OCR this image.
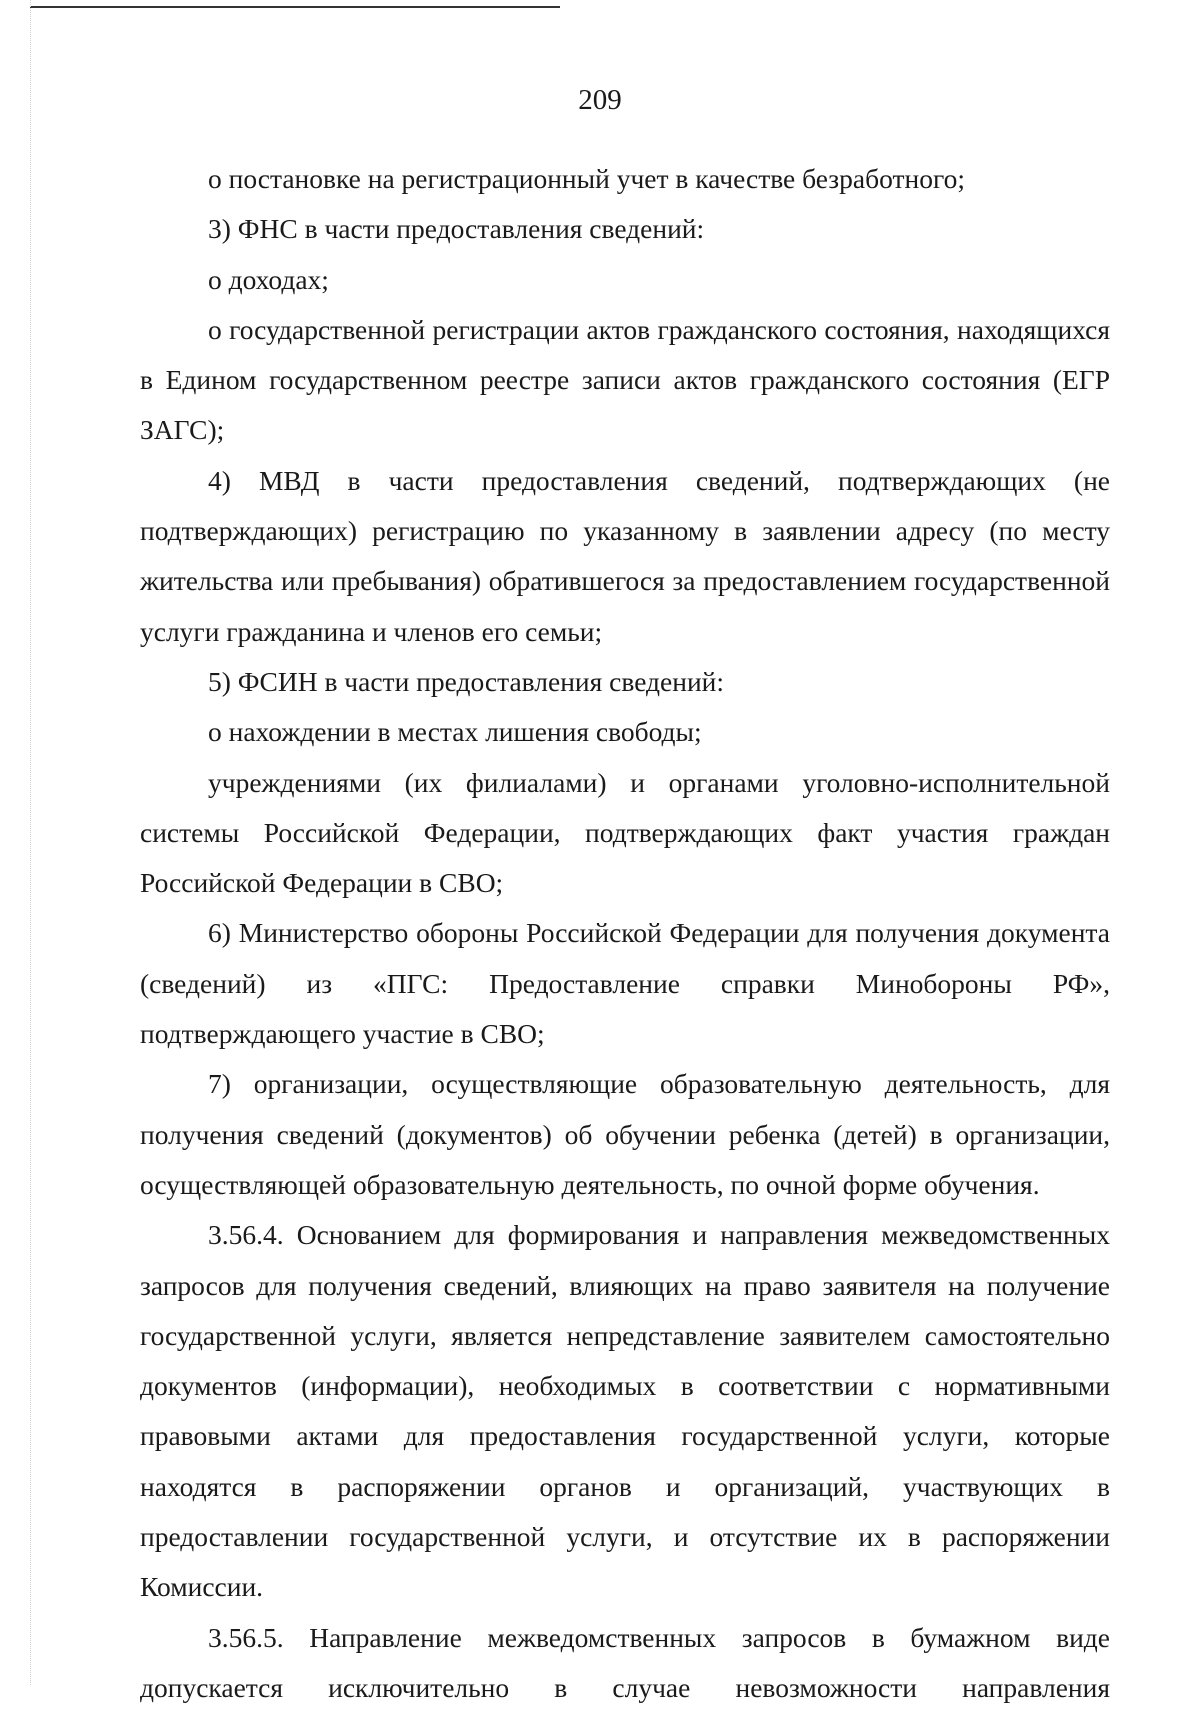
209

о постановке на регистрационный учет в качестве безработного;

3) ФНС в части предоставления сведений:

о доходах;

о государственной регистрации актов гражданского состояния, находящихся в Едином государственном реестре записи актов гражданского состояния (ЕГР ЗАГС);

4) МВД в части предоставления сведений, подтверждающих (не подтверждающих) регистрацию по указанному в заявлении адресу (по месту жительства или пребывания) обратившегося за предоставлением государственной услуги гражданина и членов его семьи;

5) ФСИН в части предоставления сведений:

о нахождении в местах лишения свободы;

учреждениями (их филиалами) и органами уголовно-исполнительной системы Российской Федерации, подтверждающих факт участия граждан Российской Федерации в СВО;

6) Министерство обороны Российской Федерации для получения документа (сведений) из «ПГС: Предоставление справки Минобороны РФ», подтверждающего участие в СВО;

7) организации, осуществляющие образовательную деятельность, для получения сведений (документов) об обучении ребенка (детей) в организации, осуществляющей образовательную деятельность, по очной форме обучения.

3.56.4. Основанием для формирования и направления межведомственных запросов для получения сведений, влияющих на право заявителя на получение государственной услуги, является непредставление заявителем самостоятельно документов (информации), необходимых в соответствии с нормативными правовыми актами для предоставления государственной услуги, которые находятся в распоряжении органов и организаций, участвующих в предоставлении государственной услуги, и отсутствие их в распоряжении Комиссии.

3.56.5. Направление межведомственных запросов в бумажном виде допускается исключительно в случае невозможности направления
